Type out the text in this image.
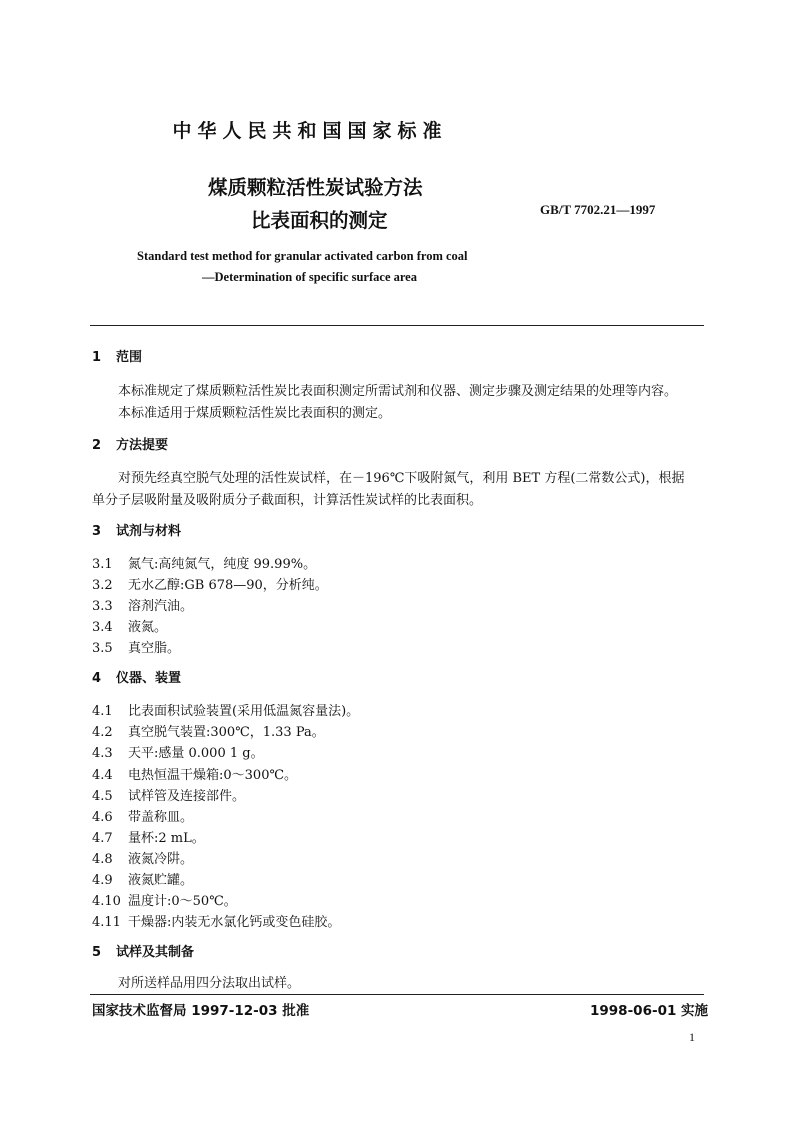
中华人民共和国国家标准
煤质颗粒活性炭试验方法
比表面积的测定	GB/T 7702.21—1997
Standard test method for granular activated carbon from coal
—Determination of specific surface area
1 范围
本标准规定了煤质颗粒活性炭比表面积测定所需试剂和仪器、测定步骤及测定结果的处理等内容。
本标准适用于煤质颗粒活性炭比表面积的测定。
2 方法提要
对预先经真空脱气处理的活性炭试样，在－196℃下吸附氮气，利用 BET 方程(二常数公式)，根据
单分子层吸附量及吸附质分子截面积，计算活性炭试样的比表面积。
3 试剂与材料
3.1 氮气:高纯氮气，纯度 99.99%。
3.2 无水乙醇:GB 678—90，分析纯。
3.3 溶剂汽油。
3.4 液氮。
3.5 真空脂。
4 仪器、装置
4.1 比表面积试验装置(采用低温氮容量法)。
4.2 真空脱气装置:300℃，1.33 Pa。
4.3 天平:感量 0.000 1 g。
4.4 电热恒温干燥箱:0～300℃。
4.5 试样管及连接部件。
4.6 带盖称皿。
4.7 量杯:2 mL。
4.8 液氮冷阱。
4.9 液氮贮罐。
4.10 温度计:0～50℃。
4.11 干燥器:内装无水氯化钙或变色硅胶。
5 试样及其制备
对所送样品用四分法取出试样。
国家技术监督局 1997-12-03 批准	1998-06-01 实施
1
